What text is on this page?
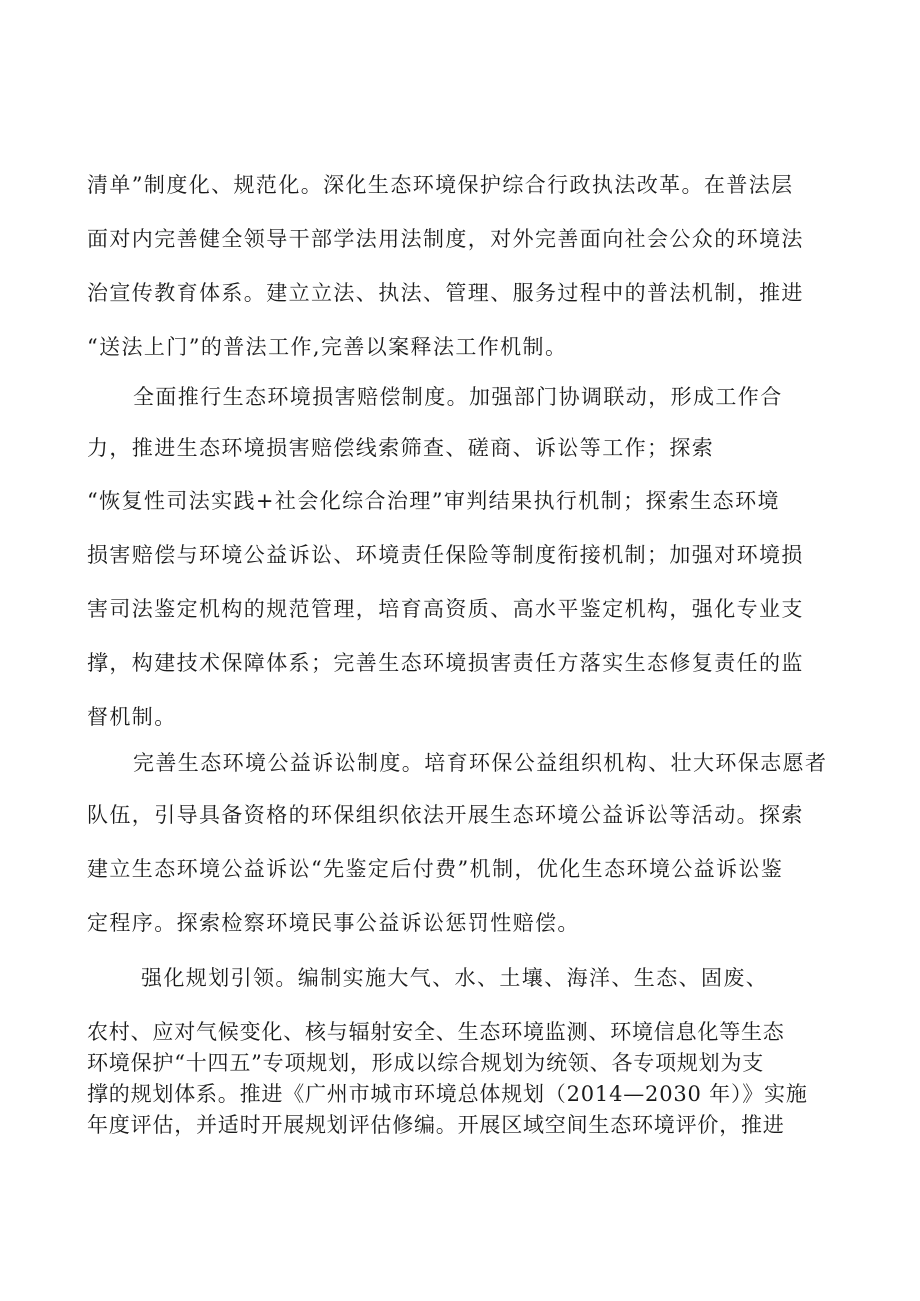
清单”制度化、规范化。深化生态环境保护综合行政执法改革。在普法层
面对内完善健全领导干部学法用法制度，对外完善面向社会公众的环境法
治宣传教育体系。建立立法、执法、管理、服务过程中的普法机制，推进
“送法上门”的普法工作,完善以案释法工作机制。
全面推行生态环境损害赔偿制度。加强部门协调联动，形成工作合
力，推进生态环境损害赔偿线索筛查、磋商、诉讼等工作；探索
“恢复性司法实践+社会化综合治理”审判结果执行机制；探索生态环境
损害赔偿与环境公益诉讼、环境责任保险等制度衔接机制；加强对环境损
害司法鉴定机构的规范管理，培育高资质、高水平鉴定机构，强化专业支
撑，构建技术保障体系；完善生态环境损害责任方落实生态修复责任的监
督机制。
完善生态环境公益诉讼制度。培育环保公益组织机构、壮大环保志愿者
队伍，引导具备资格的环保组织依法开展生态环境公益诉讼等活动。探索
建立生态环境公益诉讼“先鉴定后付费”机制，优化生态环境公益诉讼鉴
定程序。探索检察环境民事公益诉讼惩罚性赔偿。
强化规划引领。编制实施大气、水、土壤、海洋、生态、固废、
农村、应对气候变化、核与辐射安全、生态环境监测、环境信息化等生态
环境保护“十四五”专项规划，形成以综合规划为统领、各专项规划为支
撑的规划体系。推进《广州市城市环境总体规划（2014—2030 年）》实施
年度评估，并适时开展规划评估修编。开展区域空间生态环境评价，推进
